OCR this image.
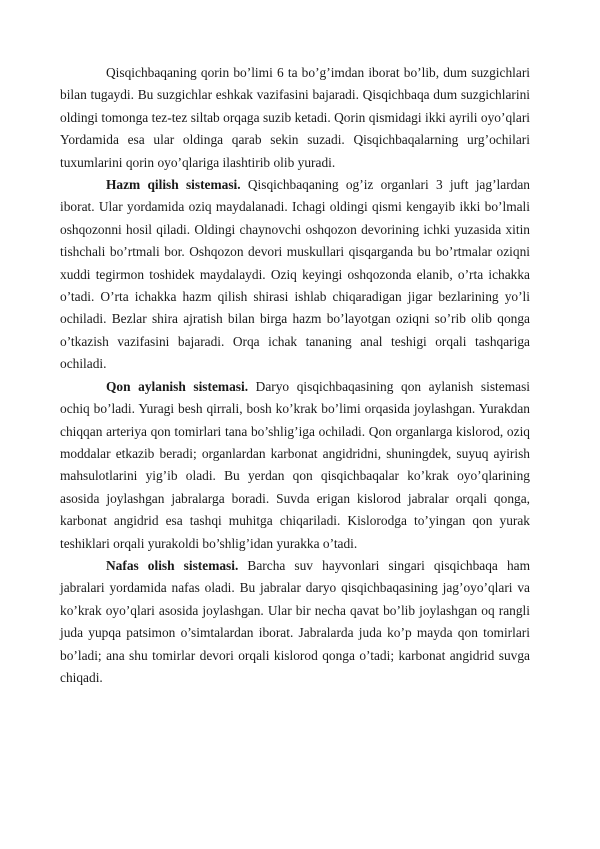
Qisqichbaqaning qorin bo’limi 6 ta bo’g’imdan iborat bo’lib, dum suzgichlari bilan tugaydi. Bu suzgichlar eshkak vazifasini bajaradi. Qisqichbaqa dum suzgichlarini oldingi tomonga tez-tez siltab orqaga suzib ketadi. Qorin qismidagi ikki ayrili oyo’qlari Yordamida esa ular oldinga qarab sekin suzadi. Qisqichbaqalarning urg’ochilari tuxumlarini qorin oyo’qlariga ilashtirib olib yuradi.

Hazm qilish sistemasi. Qisqichbaqaning og’iz organlari 3 juft jag’lardan iborat. Ular yordamida oziq maydalanadi. Ichagi oldingi qismi kengayib ikki bo’lmali oshqozonni hosil qiladi. Oldingi chaynovchi oshqozon devorining ichki yuzasida xitin tishchali bo’rtmali bor. Oshqozon devori muskullari qisqarganda bu bo’rtmalar oziqni xuddi tegirmon toshidek maydalaydi. Oziq keyingi oshqozonda elanib, o’rta ichakka o’tadi. O’rta ichakka hazm qilish shirasi ishlab chiqaradigan jigar bezlarining yo’li ochiladi. Bezlar shira ajratish bilan birga hazm bo’layotgan oziqni so’rib olib qonga o’tkazish vazifasini bajaradi. Orqa ichak tananing anal teshigi orqali tashqariga ochiladi.

Qon aylanish sistemasi. Daryo qisqichbaqasining qon aylanish sistemasi ochiq bo’ladi. Yuragi besh qirrali, bosh ko’krak bo’limi orqasida joylashgan. Yurakdan chiqqan arteriya qon tomirlari tana bo’shlig’iga ochiladi. Qon organlarga kislorod, oziq moddalar etkazib beradi; organlardan karbonat angidridni, shuningdek, suyuq ayirish mahsulotlarini yig’ib oladi. Bu yerdan qon qisqichbaqalar ko’krak oyo’qlarining asosida joylashgan jabralarga boradi. Suvda erigan kislorod jabralar orqali qonga, karbonat angidrid esa tashqi muhitga chiqariladi. Kislorodga to’yingan qon yurak teshiklari orqali yurakoldi bo’shlig’idan yurakka o’tadi.

Nafas olish sistemasi. Barcha suv hayvonlari singari qisqichbaqa ham jabralari yordamida nafas oladi. Bu jabralar daryo qisqichbaqasining jag’oyo’qlari va ko’krak oyo’qlari asosida joylashgan. Ular bir necha qavat bo’lib joylashgan oq rangli juda yupqa patsimon o’simtalardan iborat. Jabralarda juda ko’p mayda qon tomirlari bo’ladi; ana shu tomirlar devori orqali kislorod qonga o’tadi; karbonat angidrid suvga chiqadi.
